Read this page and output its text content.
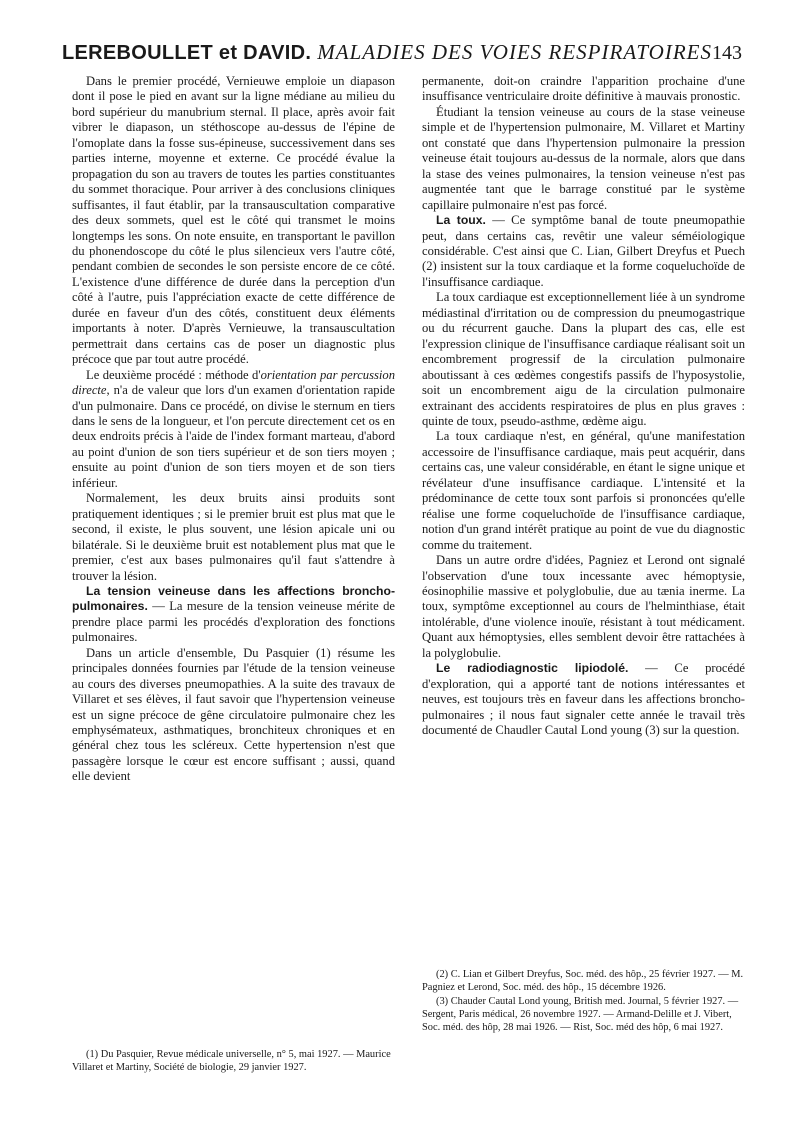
LEREBOULLET et DAVID. MALADIES DES VOIES RESPIRATOIRES 143

Dans le premier procédé, Vernieuwe emploie un diapason dont il pose le pied en avant sur la ligne médiane au milieu du bord supérieur du manubrium sternal. Il place, après avoir fait vibrer le diapason, un stéthoscope au-dessus de l'épine de l'omoplate dans la fosse sus-épineuse, successivement dans ses parties interne, moyenne et externe. Ce procédé évalue la propagation du son au travers de toutes les parties constituantes du sommet thoracique. Pour arriver à des conclusions cliniques suffisantes, il faut établir, par la transauscultation comparative des deux sommets, quel est le côté qui transmet le moins longtemps les sons. On note ensuite, en transportant le pavillon du phonendoscope du côté le plus silencieux vers l'autre côté, pendant combien de secondes le son persiste encore de ce côté. L'existence d'une différence de durée dans la perception d'un côté à l'autre, puis l'appréciation exacte de cette différence de durée en faveur d'un des côtés, constituent deux éléments importants à noter. D'après Vernieuwe, la transauscultation permettrait dans certains cas de poser un diagnostic plus précoce que par tout autre procédé.

Le deuxième procédé : méthode d'orientation par percussion directe, n'a de valeur que lors d'un examen d'orientation rapide d'un pulmonaire. Dans ce procédé, on divise le sternum en tiers dans le sens de la longueur, et l'on percute directement cet os en deux endroits précis à l'aide de l'index formant marteau, d'abord au point d'union de son tiers supérieur et de son tiers moyen ; ensuite au point d'union de son tiers moyen et de son tiers inférieur.

Normalement, les deux bruits ainsi produits sont pratiquement identiques ; si le premier bruit est plus mat que le second, il existe, le plus souvent, une lésion apicale uni ou bilatérale. Si le deuxième bruit est notablement plus mat que le premier, c'est aux bases pulmonaires qu'il faut s'attendre à trouver la lésion.

La tension veineuse dans les affections broncho-pulmonaires. — La mesure de la tension veineuse mérite de prendre place parmi les procédés d'exploration des fonctions pulmonaires.

Dans un article d'ensemble, Du Pasquier (1) résume les principales données fournies par l'étude de la tension veineuse au cours des diverses pneumopathies. A la suite des travaux de Villaret et ses élèves, il faut savoir que l'hypertension veineuse est un signe précoce de gêne circulatoire pulmonaire chez les emphysémateux, asthmatiques, bronchiteux chroniques et en général chez tous les scléreux. Cette hypertension n'est que passagère lorsque le cœur est encore suffisant ; aussi, quand elle devient

permanente, doit-on craindre l'apparition prochaine d'une insuffisance ventriculaire droite définitive à mauvais pronostic.

Étudiant la tension veineuse au cours de la stase veineuse simple et de l'hypertension pulmonaire, M. Villaret et Martiny ont constaté que dans l'hypertension pulmonaire la pression veineuse était toujours au-dessus de la normale, alors que dans la stase des veines pulmonaires, la tension veineuse n'est pas augmentée tant que le barrage constitué par le système capillaire pulmonaire n'est pas forcé.

La toux. — Ce symptôme banal de toute pneumopathie peut, dans certains cas, revêtir une valeur séméiologique considérable. C'est ainsi que C. Lian, Gilbert Dreyfus et Puech (2) insistent sur la toux cardiaque et la forme coqueluchoïde de l'insuffisance cardiaque.

La toux cardiaque est exceptionnellement liée à un syndrome médiastinal d'irritation ou de compression du pneumogastrique ou du récurrent gauche. Dans la plupart des cas, elle est l'expression clinique de l'insuffisance cardiaque réalisant soit un encombrement progressif de la circulation pulmonaire aboutissant à ces œdèmes congestifs passifs de l'hyposystolie, soit un encombrement aigu de la circulation pulmonaire extrainant des accidents respiratoires de plus en plus graves : quinte de toux, pseudo-asthme, œdème aigu.

La toux cardiaque n'est, en général, qu'une manifestation accessoire de l'insuffisance cardiaque, mais peut acquérir, dans certains cas, une valeur considérable, en étant le signe unique et révélateur d'une insuffisance cardiaque. L'intensité et la prédominance de cette toux sont parfois si prononcées qu'elle réalise une forme coqueluchoïde de l'insuffisance cardiaque, notion d'un grand intérêt pratique au point de vue du diagnostic comme du traitement.

Dans un autre ordre d'idées, Pagniez et Lerond ont signalé l'observation d'une toux incessante avec hémoptysie, éosinophilie massive et polyglobulie, due au tænia inerme. La toux, symptôme exceptionnel au cours de l'helminthiase, était intolérable, d'une violence inouïe, résistant à tout médicament. Quant aux hémoptysies, elles semblent devoir être rattachées à la polyglobulie.

Le radiodiagnostic lipiodolé. — Ce procédé d'exploration, qui a apporté tant de notions intéressantes et neuves, est toujours très en faveur dans les affections broncho-pulmonaires ; il nous faut signaler cette année le travail très documenté de Chaudler Cautal Lond young (3) sur la question.

(1) Du Pasquier, Revue médicale universelle, n° 5, mai 1927. — Maurice Villaret et Martiny, Société de biologie, 29 janvier 1927.
(2) C. Lian et Gilbert Dreyfus, Soc. méd. des hôp., 25 février 1927. — M. Pagniez et Lerond, Soc. méd. des hôp., 15 décembre 1926.
(3) Chauder Cautal Lond young, British med. Journal, 5 février 1927. — Sergent, Paris médical, 26 novembre 1927. — Armand-Delille et J. Vibert, Soc. méd. des hôp, 28 mai 1926. — Rist, Soc. méd des hôp, 6 mai 1927.
